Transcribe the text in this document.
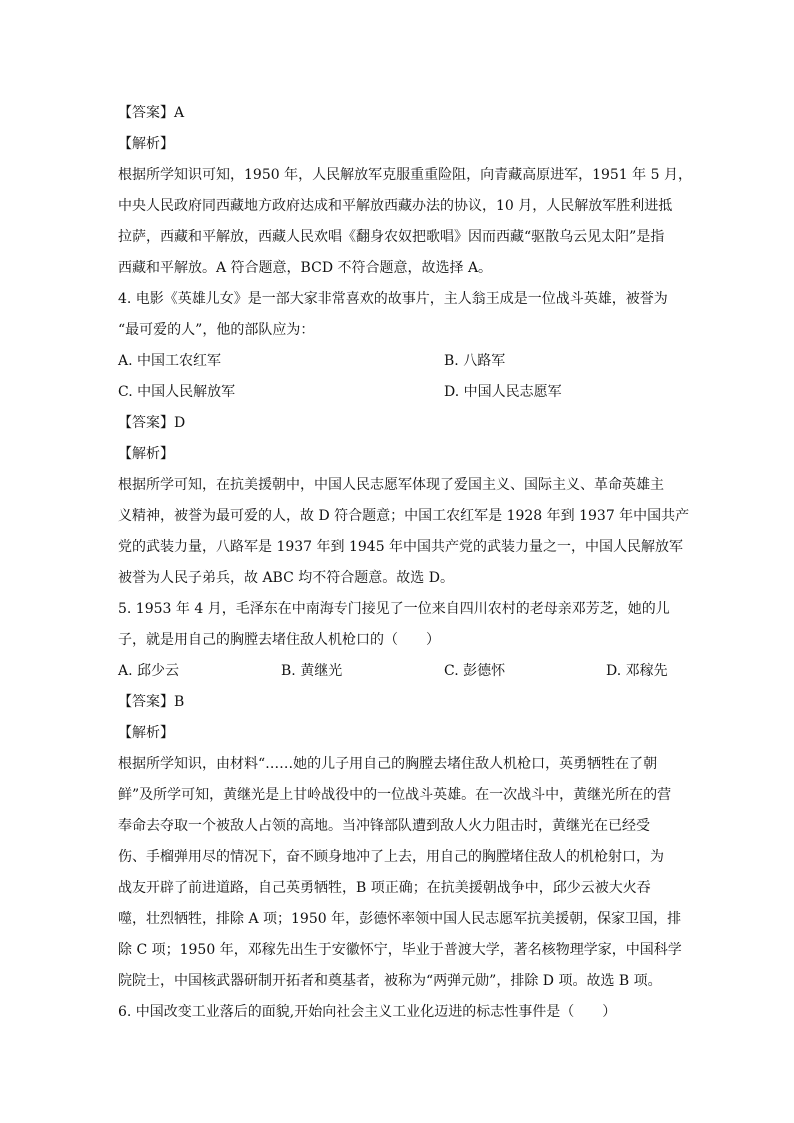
【答案】A
【解析】
根据所学知识可知，1950 年，人民解放军克服重重险阻，向青藏高原进军，1951 年 5 月，
中央人民政府同西藏地方政府达成和平解放西藏办法的协议，10 月，人民解放军胜利进抵
拉萨，西藏和平解放，西藏人民欢唱《翻身农奴把歌唱》因而西藏“驱散乌云见太阳”是指
西藏和平解放。A 符合题意，BCD 不符合题意，故选择 A。
4. 电影《英雄儿女》是一部大家非常喜欢的故事片，主人翁王成是一位战斗英雄，被誉为
“最可爱的人”，他的部队应为：
A. 中国工农红军	B. 八路军
C. 中国人民解放军	D. 中国人民志愿军
【答案】D
【解析】
根据所学可知，在抗美援朝中，中国人民志愿军体现了爱国主义、国际主义、革命英雄主
义精神，被誉为最可爱的人，故 D 符合题意；中国工农红军是 1928 年到 1937 年中国共产
党的武装力量，八路军是 1937 年到 1945 年中国共产党的武装力量之一，中国人民解放军
被誉为人民子弟兵，故 ABC 均不符合题意。故选 D。
5. 1953 年 4 月，毛泽东在中南海专门接见了一位来自四川农村的老母亲邓芳芝，她的儿
子，就是用自己的胸膛去堵住敌人机枪口的（　　）
A. 邱少云	B. 黄继光	C. 彭德怀	D. 邓稼先
【答案】B
【解析】
根据所学知识，由材料“……她的儿子用自己的胸膛去堵住敌人机枪口，英勇牺牲在了朝
鲜”及所学可知，黄继光是上甘岭战役中的一位战斗英雄。在一次战斗中，黄继光所在的营
奉命去夺取一个被敌人占领的高地。当冲锋部队遭到敌人火力阻击时，黄继光在已经受
伤、手榴弹用尽的情况下，奋不顾身地冲了上去，用自己的胸膛堵住敌人的机枪射口，为
战友开辟了前进道路，自己英勇牺牲，B 项正确；在抗美援朝战争中，邱少云被大火吞
噬，壮烈牺牲，排除 A 项；1950 年，彭德怀率领中国人民志愿军抗美援朝，保家卫国，排
除 C 项；1950 年，邓稼先出生于安徽怀宁，毕业于普渡大学，著名核物理学家，中国科学
院院士，中国核武器研制开拓者和奠基者，被称为“两弹元勋”，排除 D 项。故选 B 项。
6. 中国改变工业落后的面貌,开始向社会主义工业化迈进的标志性事件是（　　）
